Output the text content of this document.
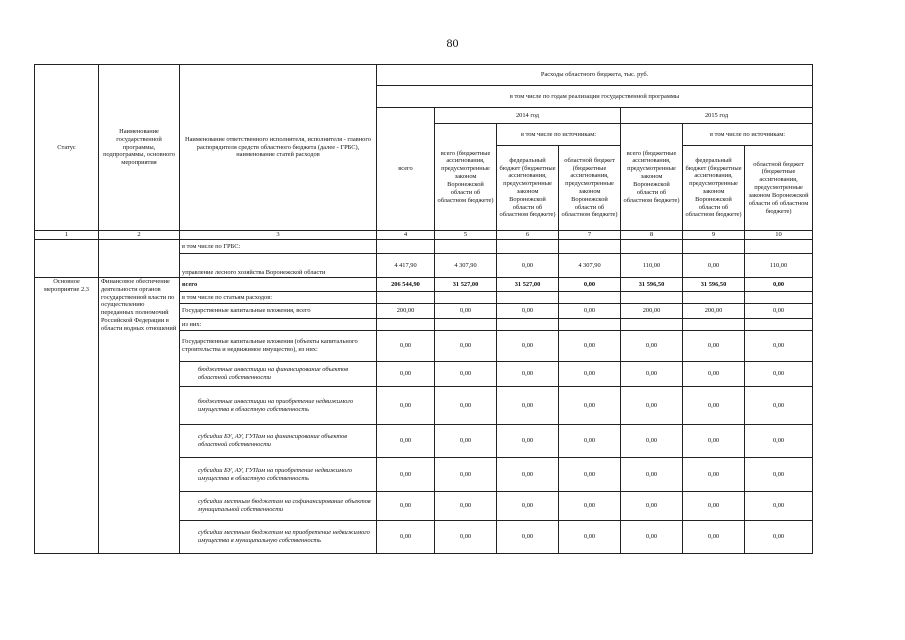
80
Статус	Наименование государственной программы, подпрограммы, основного мероприятия	Наименование ответственного исполнителя, исполнителя - главного распорядителя средств областного бюджета (далее - ГРБС), наименование статей расходов	Расходы областного бюджета, тыс. руб.						
			в том числе по годам реализации государственной программы						
			всего	2014 год			2015 год		
				всего (бюджетные ассигнования, предусмотренные законом Воронежской области об областном бюджете)	в том числе по источникам:		всего (бюджетные ассигнования, предусмотренные законом Воронежской области об областном бюджете)	в том числе по источникам:	
					федеральный бюджет (бюджетные ассигнования, предусмотренные законом Воронежской области об областном бюджете)	областной бюджет (бюджетные ассигнования, предусмотренные законом Воронежской области об областном бюджете)		федеральный бюджет (бюджетные ассигнования, предусмотренные законом Воронежской области об областном бюджете)	областной бюджет (бюджетные ассигнования, предусмотренные законом Воронежской области об областном бюджете)
1	2	3	4	5	6	7	8	9	10
		в том числе по ГРБС:							
		управление лесного хозяйства Воронежской области	4 417,90	4 307,90	0,00	4 307,90	110,00	0,00	110,00
Основное мероприятие 2.3	Финансовое обеспечение деятельности органов государственной власти по осуществлению переданных полномочий Российской Федерации в области водных отношений	всего	206 544,90	31 527,00	31 527,00	0,00	31 596,50	31 596,50	0,00
		в том числе по статьям расходов:							
		Государственные капитальные вложения, всего	200,00	0,00	0,00	0,00	200,00	200,00	0,00
		из них:							
		Государственные капитальные вложения (объекты капитального строительства и недвижимое имущество), из них:	0,00	0,00	0,00	0,00	0,00	0,00	0,00
		бюджетные инвестиции на финансирование объектов областной собственности	0,00	0,00	0,00	0,00	0,00	0,00	0,00
		бюджетные инвестиции на приобретение недвижимого имущества в областную собственность	0,00	0,00	0,00	0,00	0,00	0,00	0,00
		субсидии БУ, АУ, ГУПам на финансирование объектов областной собственности	0,00	0,00	0,00	0,00	0,00	0,00	0,00
		субсидии БУ, АУ, ГУПам на приобретение недвижимого имущества в областную собственность	0,00	0,00	0,00	0,00	0,00	0,00	0,00
		субсидии местным бюджетам на софинансирование объектов муниципальной собственности	0,00	0,00	0,00	0,00	0,00	0,00	0,00
		субсидии местным бюджетам на приобретение недвижимого имущества в муниципальную собственность	0,00	0,00	0,00	0,00	0,00	0,00	0,00
